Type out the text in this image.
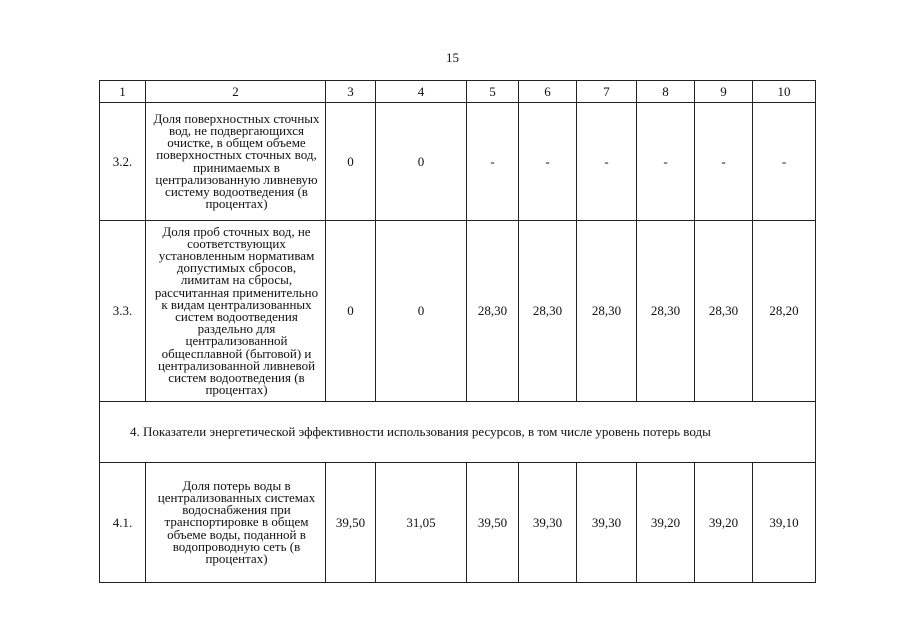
15
1	2	3	4	5	6	7	8	9	10
3.2.	Доля поверхностных сточных вод, не подвергающихся очистке, в общем объеме поверхностных сточных вод, принимаемых в централизованную ливневую систему водоотведения (в процентах)	0	0	-	-	-	-	-	-
3.3.	Доля проб сточных вод, не соответствующих установленным нормативам допустимых сбросов, лимитам на сбросы, рассчитанная применительно к видам централизованных систем водоотведения раздельно для централизованной общесплавной (бытовой) и централизованной ливневой систем водоотведения (в процентах)	0	0	28,30	28,30	28,30	28,30	28,30	28,20
4. Показатели энергетической эффективности использования ресурсов, в том числе уровень потерь воды									
4.1.	Доля потерь воды в централизованных системах водоснабжения при транспортировке в общем объеме воды, поданной в водопроводную сеть (в процентах)	39,50	31,05	39,50	39,30	39,30	39,20	39,20	39,10
